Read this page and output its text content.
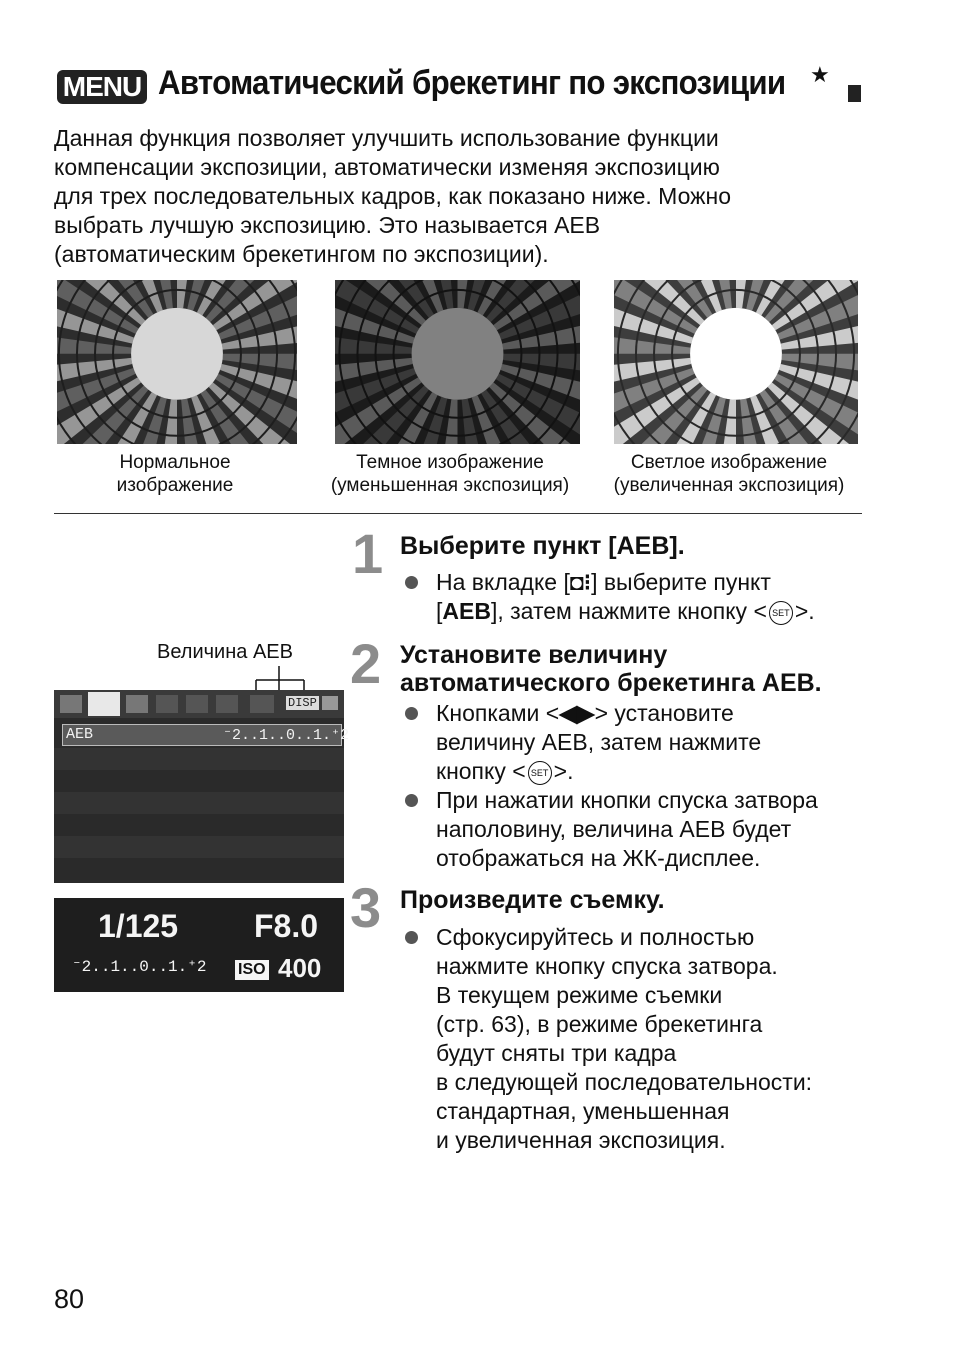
MENU Автоматический брекетинг по экспозиции ★
Данная функция позволяет улучшить использование функции
компенсации экспозиции, автоматически изменяя экспозицию
для трех последовательных кадров, как показано ниже. Можно
выбрать лучшую экспозицию. Это называется AEB
(автоматическим брекетингом по экспозиции).
Нормальное
изображение
Темное изображение
(уменьшенная экспозиция)
Светлое изображение
(увеличенная экспозиция)
1 Выберите пункт [AEB].
На вкладке [◘⁝] выберите пункт
[AEB], затем нажмите кнопку < SET >.
2 Установите величину
автоматического брекетинга AEB.
Кнопками <◀▶> установите
величину AEB, затем нажмите
кнопку < SET >.
При нажатии кнопки спуска затвора
наполовину, величина AEB будет
отображаться на ЖК-дисплее.
3 Произведите съемку.
Сфокусируйтесь и полностью
нажмите кнопку спуска затвора.
В текущем режиме съемки
(стр. 63), в режиме брекетинга
будут сняты три кадра
в следующей последовательности:
стандартная, уменьшенная
и увеличенная экспозиция.
Величина AEB
DISP
AEB	⁻2..1..0..1.⁺2
1/125 F8.0
⁻2..1..0..1.⁺2 ISO 400
80
